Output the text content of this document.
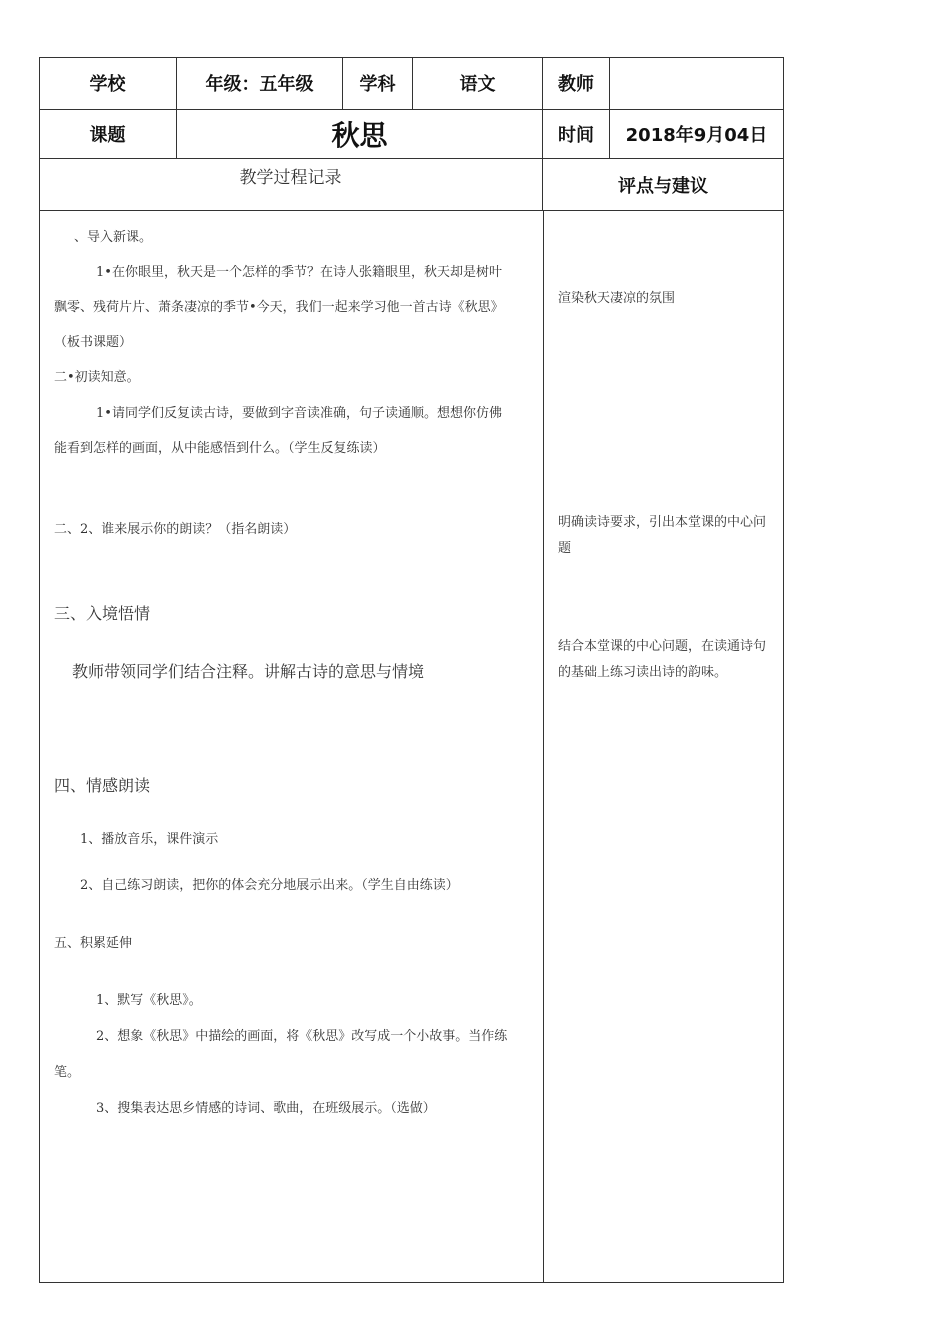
学校	年级：五年级	学科	语文	教师
课题	秋思	时间	2018年9月04日
教学过程记录	评点与建议
、导入新课。
1•在你眼里，秋天是一个怎样的季节？在诗人张籍眼里，秋天却是树叶
飘零、残荷片片、萧条凄凉的季节•今天，我们一起来学习他一首古诗《秋思》
（板书课题）
二•初读知意。
1•请同学们反复读古诗，要做到字音读准确，句子读通顺。想想你仿佛
能看到怎样的画面，从中能感悟到什么。（学生反复练读）
二、2、谁来展示你的朗读？（指名朗读）
三、入境悟情
教师带领同学们结合注释。讲解古诗的意思与情境
四、情感朗读
1、播放音乐，课件演示
2、自己练习朗读，把你的体会充分地展示出来。（学生自由练读）
五、积累延伸
1、默写《秋思》。
2、想象《秋思》中描绘的画面，将《秋思》改写成一个小故事。当作练
笔。
3、搜集表达思乡情感的诗词、歌曲，在班级展示。（选做）
渲染秋天凄凉的氛围
明确读诗要求，引出本堂课的中心问题
结合本堂课的中心问题，在读通诗句的基础上练习读出诗的韵味。
